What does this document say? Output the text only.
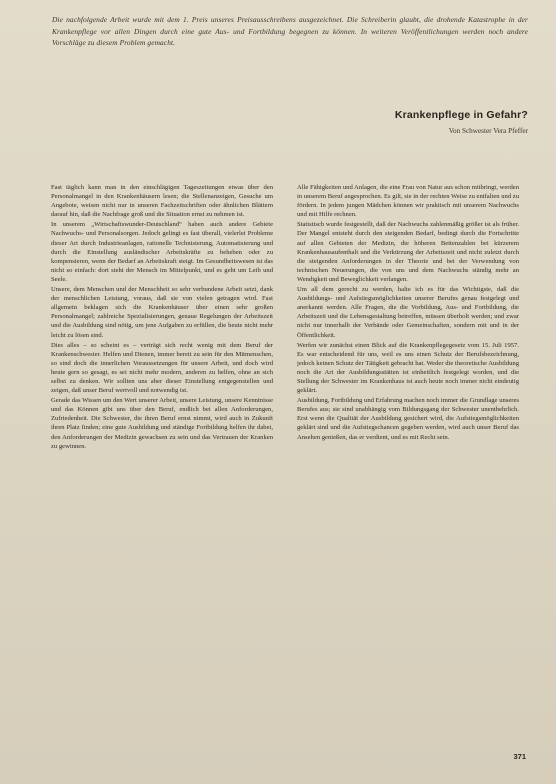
Die nachfolgende Arbeit wurde mit dem 1. Preis unseres Preisausschreibens ausgezeichnet. Die Schreiberin glaubt, die drohende Katastrophe in der Krankenpflege vor allen Dingen durch eine gute Aus- und Fortbildung begegnen zu können. In weiteren Veröffentlichungen werden noch andere Vorschläge zu diesem Problem gemacht.
Krankenpflege in Gefahr?
Von Schwester Vera Pfeffer

Fast täglich kann man in den einschlägigen Tageszeitungen etwas über den Personalmangel in den Krankenhäusern lesen; die Stellenanzeigen, Gesuche um Angebote, weisen nicht nur in unseren Fachzeitschriften oder ähnlichen Blättern darauf hin, daß die Nachfrage groß und die Situation ernst zu nehmen ist.

In unserem „Wirtschaftswunder-Deutschland“ haben auch andere Gebiete Nachwuchs- und Personalsorgen. Jedoch gelingt es fast überall, vielerlei Probleme dieser Art durch Industrieanlagen, rationelle Technisierung, Automatisierung und durch die Einstellung ausländischer Arbeitskräfte zu beheben oder zu kompensieren, wenn der Bedarf an Arbeitskraft steigt. Im Gesundheitswesen ist das nicht so einfach: dort steht der Mensch im Mittelpunkt, und es geht um Leib und Seele.

Unsere, dem Menschen und der Menschheit so sehr verbundene Arbeit setzt, dank der menschlichen Leistung, voraus, daß sie von vielen getragen wird. Fast allgemein beklagen sich die Krankenhäuser über einen sehr großen Personalmangel; zahlreiche Spezialisierungen, genaue Regelungen der Arbeitszeit und die Ausbildung sind nötig, um jene Aufgaben zu erfüllen, die heute nicht mehr leicht zu lösen sind.

Dies alles – so scheint es – verträgt sich recht wenig mit dem Beruf der Krankenschwester. Helfen und Dienen, immer bereit zu sein für den Mitmenschen, so sind doch die innerlichen Voraussetzungen für unsere Arbeit, und doch wird heute gern so gesagt, es sei nicht mehr modern, anderen zu helfen, ohne an sich selbst zu denken. Wir sollten uns aber dieser Einstellung entgegenstellen und zeigen, daß unser Beruf wertvoll und notwendig ist.

Gerade das Wissen um den Wert unserer Arbeit, unsere Leistung, unsere Kenntnisse und das Können gibt uns über den Beruf, endlich bei allen Anforderungen, Zufriedenheit. Die Schwester, die ihren Beruf ernst nimmt, wird auch in Zukunft ihren Platz finden; eine gute Ausbildung und ständige Fortbildung helfen ihr dabei, den Anforderungen der Medizin gewachsen zu sein und das Vertrauen der Kranken zu gewinnen.

Alle Fähigkeiten und Anlagen, die eine Frau von Natur aus schon mitbringt, werden in unserem Beruf angesprochen. Es gilt, sie in der rechten Weise zu entfalten und zu fördern. In jedem jungen Mädchen können wir praktisch mit unserem Nachwuchs und mit Hilfe rechnen.

Statistisch wurde festgestellt, daß der Nachwuchs zahlenmäßig größer ist als früher. Der Mangel entsteht durch den steigenden Bedarf, bedingt durch die Fortschritte auf allen Gebieten der Medizin, die höheren Bettenzahlen bei kürzerem Krankenhausaufenthalt und die Verkürzung der Arbeitszeit und nicht zuletzt durch die steigenden Anforderungen in der Theorie und bei der Verwendung von technischen Neuerungen, die von uns und dem Nachwuchs ständig mehr an Wendigkeit und Beweglichkeit verlangen.

Um all dem gerecht zu werden, halte ich es für das Wichtigste, daß die Ausbildungs- und Aufstiegsmöglichkeiten unserer Berufes genau festgelegt und anerkannt werden. Alle Fragen, die die Vorbildung, Aus- und Fortbildung, die Arbeitszeit und die Lebensgestaltung betreffen, müssen überholt werden; und zwar nicht nur innerhalb der Verbände oder Gemeinschaften, sondern mit und in der Öffentlichkeit.

Werfen wir zunächst einen Blick auf die Krankenpflegegesetz vom 15. Juli 1957. Es war entscheidend für uns, weil es uns einen Schutz der Berufsbezeichnung, jedoch keinen Schutz der Tätigkeit gebracht hat. Weder die theoretische Ausbildung noch die Art der Ausbildungsstätten ist einheitlich festgelegt worden, und die Stellung der Schwester im Krankenhaus ist auch heute noch immer nicht eindeutig geklärt.

Ausbildung, Fortbildung und Erfahrung machen noch immer die Grundlage unseres Berufes aus; sie sind unabhängig vom Bildungsgang der Schwester unentbehrlich. Erst wenn die Qualität der Ausbildung gesichert wird, die Aufstiegsmöglichkeiten geklärt sind und die Aufstiegschancen gegeben werden, wird auch unser Beruf das Ansehen genießen, das er verdient, und es mit Recht sein.

371
